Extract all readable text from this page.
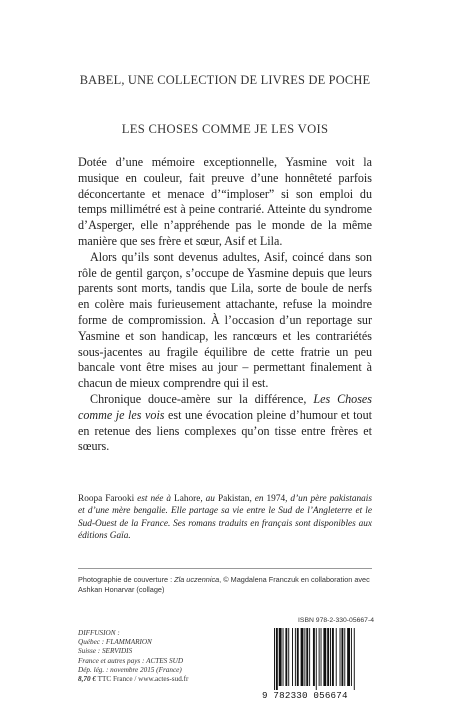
BABEL, UNE COLLECTION DE LIVRES DE POCHE
LES CHOSES COMME JE LES VOIS

Dotée d’une mémoire exceptionnelle, Yasmine voit la musique en couleur, fait preuve d’une honnêteté parfois déconcertante et menace d’“imploser” si son emploi du temps millimétré est à peine contrarié. Atteinte du syndrome d’Asperger, elle n’appréhende pas le monde de la même manière que ses frère et sœur, Asif et Lila.

Alors qu’ils sont devenus adultes, Asif, coincé dans son rôle de gentil garçon, s’occupe de Yasmine depuis que leurs parents sont morts, tandis que Lila, sorte de boule de nerfs en colère mais furieusement attachante, refuse la moindre forme de compromission. À l’occasion d’un reportage sur Yasmine et son handicap, les rancœurs et les contrariétés sous-jacentes au fragile équilibre de cette fratrie un peu bancale vont être mises au jour – permettant finalement à chacun de mieux comprendre qui il est.

Chronique douce-amère sur la différence, Les Choses comme je les vois est une évocation pleine d’humour et tout en retenue des liens complexes qu’on tisse entre frères et sœurs.

Roopa Farooki est née à Lahore, au Pakistan, en 1974, d’un père pakistanais et d’une mère bengalie. Elle partage sa vie entre le Sud de l’Angleterre et le Sud-Ouest de la France. Ses romans traduits en français sont disponibles aux éditions Gaïa.
Photographie de couverture : Zla uczennica, © Magdalena Franczuk en collaboration avec Ashkan Honarvar (collage)
ISBN 978-2-330-05667-4
DIFFUSION :
Québec : FLAMMARION
Suisse : SERVIDIS
France et autres pays : ACTES SUD
Dép. lég. : novembre 2015 (France)
8,70 € TTC France / www.actes-sud.fr
9 782330 056674
